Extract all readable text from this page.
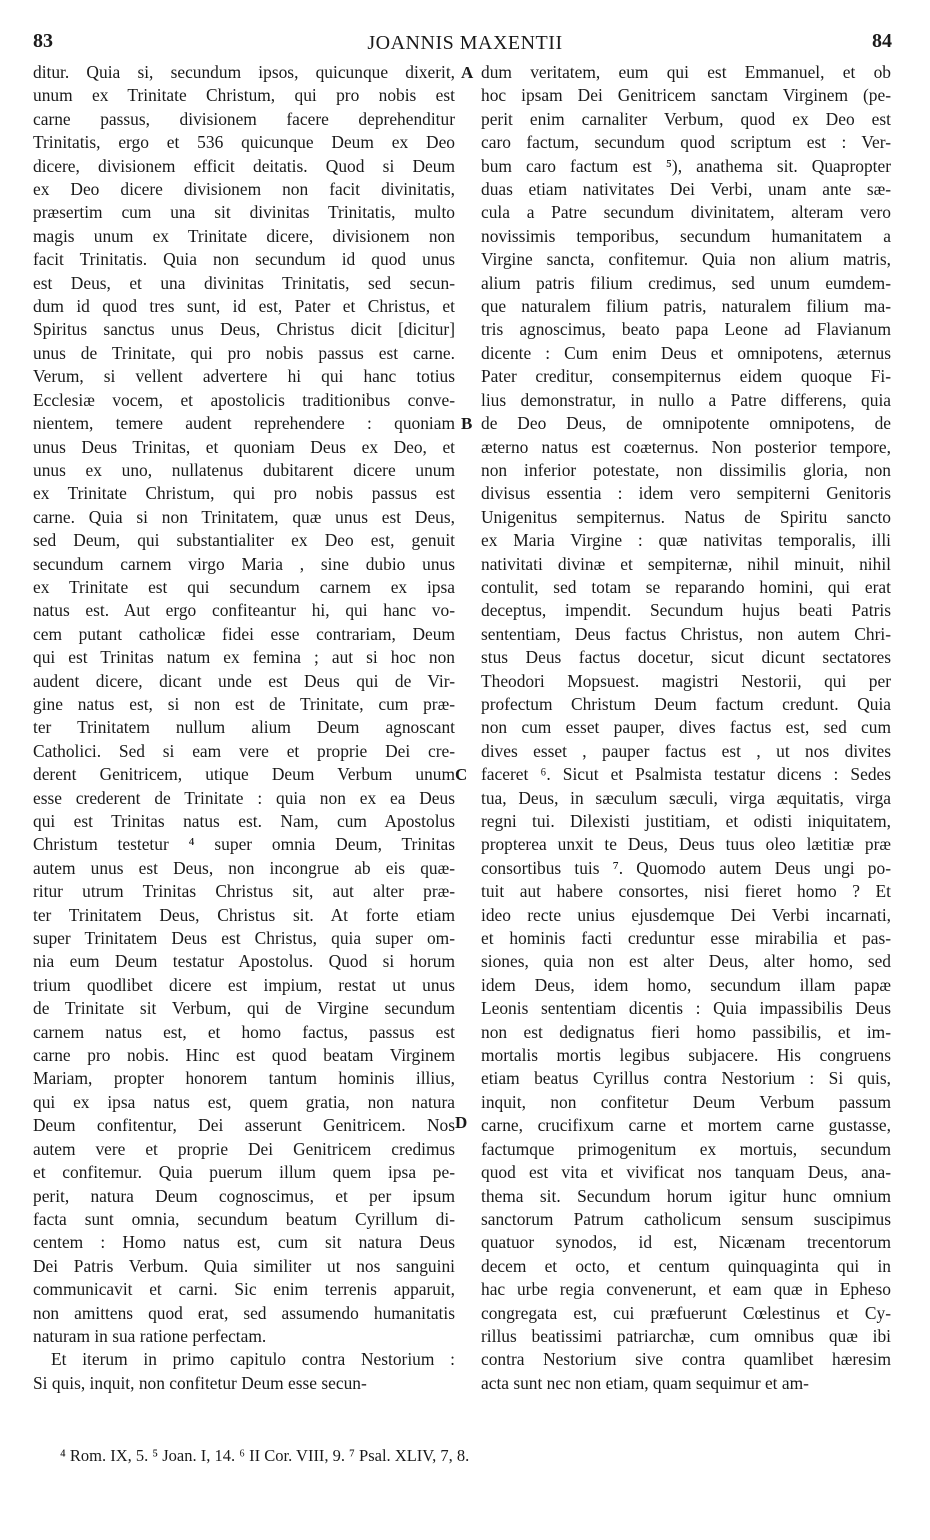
83	JOANNIS MAXENTII	84
ditur. Quia si, secundum ipsos, quicunque dixerit,
unum ex Trinitate Christum, qui pro nobis est
carne passus, divisionem facere deprehenditur
Trinitatis, ergo et 536 quicunque Deum ex Deo
dicere, divisionem efficit deitatis. Quod si Deum
ex Deo dicere divisionem non facit divinitatis,
præsertim cum una sit divinitas Trinitatis, multo
magis unum ex Trinitate dicere, divisionem non
facit Trinitatis. Quia non secundum id quod unus
est Deus, et una divinitas Trinitatis, sed secun-
dum id quod tres sunt, id est, Pater et Christus, et
Spiritus sanctus unus Deus, Christus dicit [dicitur]
unus de Trinitate, qui pro nobis passus est carne.
Verum, si vellent advertere hi qui hanc totius
Ecclesiæ vocem, et apostolicis traditionibus conve-
nientem, temere audent reprehendere : quoniam
unus Deus Trinitas, et quoniam Deus ex Deo, et
unus ex uno, nullatenus dubitarent dicere unum
ex Trinitate Christum, qui pro nobis passus est
carne. Quia si non Trinitatem, quæ unus est Deus,
sed Deum, qui substantialiter ex Deo est, genuit
secundum carnem virgo Maria , sine dubio unus
ex Trinitate est qui secundum carnem ex ipsa
natus est. Aut ergo confiteantur hi, qui hanc vo-
cem putant catholicæ fidei esse contrariam, Deum
qui est Trinitas natum ex femina ; aut si hoc non
audent dicere, dicant unde est Deus qui de Vir-
gine natus est, si non est de Trinitate, cum præ-
ter Trinitatem nullum alium Deum agnoscant
Catholici. Sed si eam vere et proprie Dei cre-
derent Genitricem, utique Deum Verbum unum
esse crederent de Trinitate : quia non ex ea Deus
qui est Trinitas natus est. Nam, cum Apostolus
Christum testetur ⁴ super omnia Deum, Trinitas
autem unus est Deus, non incongrue ab eis quæ-
ritur utrum Trinitas Christus sit, aut alter præ-
ter Trinitatem Deus, Christus sit. At forte etiam
super Trinitatem Deus est Christus, quia super om-
nia eum Deum testatur Apostolus. Quod si horum
trium quodlibet dicere est impium, restat ut unus
de Trinitate sit Verbum, qui de Virgine secundum
carnem natus est, et homo factus, passus est
carne pro nobis. Hinc est quod beatam Virginem
Mariam, propter honorem tantum hominis illius,
qui ex ipsa natus est, quem gratia, non natura
Deum confitentur, Dei asserunt Genitricem. Nos
autem vere et proprie Dei Genitricem credimus
et confitemur. Quia puerum illum quem ipsa pe-
perit, natura Deum cognoscimus, et per ipsum
facta sunt omnia, secundum beatum Cyrillum di-
centem : Homo natus est, cum sit natura Deus
Dei Patris Verbum. Quia similiter ut nos sanguini
communicavit et carni. Sic enim terrenis apparuit,
non amittens quod erat, sed assumendo humanitatis
naturam in sua ratione perfectam.
Et iterum in primo capitulo contra Nestorium :
Si quis, inquit, non confitetur Deum esse secun-
dum veritatem, eum qui est Emmanuel, et ob
hoc ipsam Dei Genitricem sanctam Virginem (pe-
perit enim carnaliter Verbum, quod ex Deo est
caro factum, secundum quod scriptum est : Ver-
bum caro factum est ⁵), anathema sit. Quapropter
duas etiam nativitates Dei Verbi, unam ante sæ-
cula a Patre secundum divinitatem, alteram vero
novissimis temporibus, secundum humanitatem a
Virgine sancta, confitemur. Quia non alium matris,
alium patris filium credimus, sed unum eumdem-
que naturalem filium patris, naturalem filium ma-
tris agnoscimus, beato papa Leone ad Flavianum
dicente : Cum enim Deus et omnipotens, æternus
Pater creditur, consempiternus eidem quoque Fi-
lius demonstratur, in nullo a Patre differens, quia
de Deo Deus, de omnipotente omnipotens, de
æterno natus est coæternus. Non posterior tempore,
non inferior potestate, non dissimilis gloria, non
divisus essentia : idem vero sempiterni Genitoris
Unigenitus sempiternus. Natus de Spiritu sancto
ex Maria Virgine : quæ nativitas temporalis, illi
nativitati divinæ et sempiternæ, nihil minuit, nihil
contulit, sed totam se reparando homini, qui erat
deceptus, impendit. Secundum hujus beati Patris
sententiam, Deus factus Christus, non autem Chri-
stus Deus factus docetur, sicut dicunt sectatores
Theodori Mopsuest. magistri Nestorii, qui per
profectum Christum Deum factum credunt. Quia
non cum esset pauper, dives factus est, sed cum
dives esset , pauper factus est , ut nos divites
faceret ⁶. Sicut et Psalmista testatur dicens : Sedes
tua, Deus, in sæculum sæculi, virga æquitatis, virga
regni tui. Dilexisti justitiam, et odisti iniquitatem,
propterea unxit te Deus, Deus tuus oleo lætitiæ præ
consortibus tuis ⁷. Quomodo autem Deus ungi po-
tuit aut habere consortes, nisi fieret homo ? Et
ideo recte unius ejusdemque Dei Verbi incarnati,
et hominis facti creduntur esse mirabilia et pas-
siones, quia non est alter Deus, alter homo, sed
idem Deus, idem homo, secundum illam papæ
Leonis sententiam dicentis : Quia impassibilis Deus
non est dedignatus fieri homo passibilis, et im-
mortalis mortis legibus subjacere. His congruens
etiam beatus Cyrillus contra Nestorium : Si quis,
inquit, non confitetur Deum Verbum passum
carne, crucifixum carne et mortem carne gustasse,
factumque primogenitum ex mortuis, secundum
quod est vita et vivificat nos tanquam Deus, ana-
thema sit. Secundum horum igitur hunc omnium
sanctorum Patrum catholicum sensum suscipimus
quatuor synodos, id est, Nicænam trecentorum
decem et octo, et centum quinquaginta qui in
hac urbe regia convenerunt, et eam quæ in Epheso
congregata est, cui præfuerunt Cœlestinus et Cy-
rillus beatissimi patriarchæ, cum omnibus quæ ibi
contra Nestorium sive contra quamlibet hæresim
acta sunt nec non etiam, quam sequimur et am-
A
B
C
D
⁴ Rom. IX, 5. ⁵ Joan. I, 14. ⁶ II Cor. VIII, 9. ⁷ Psal. XLIV, 7, 8.
